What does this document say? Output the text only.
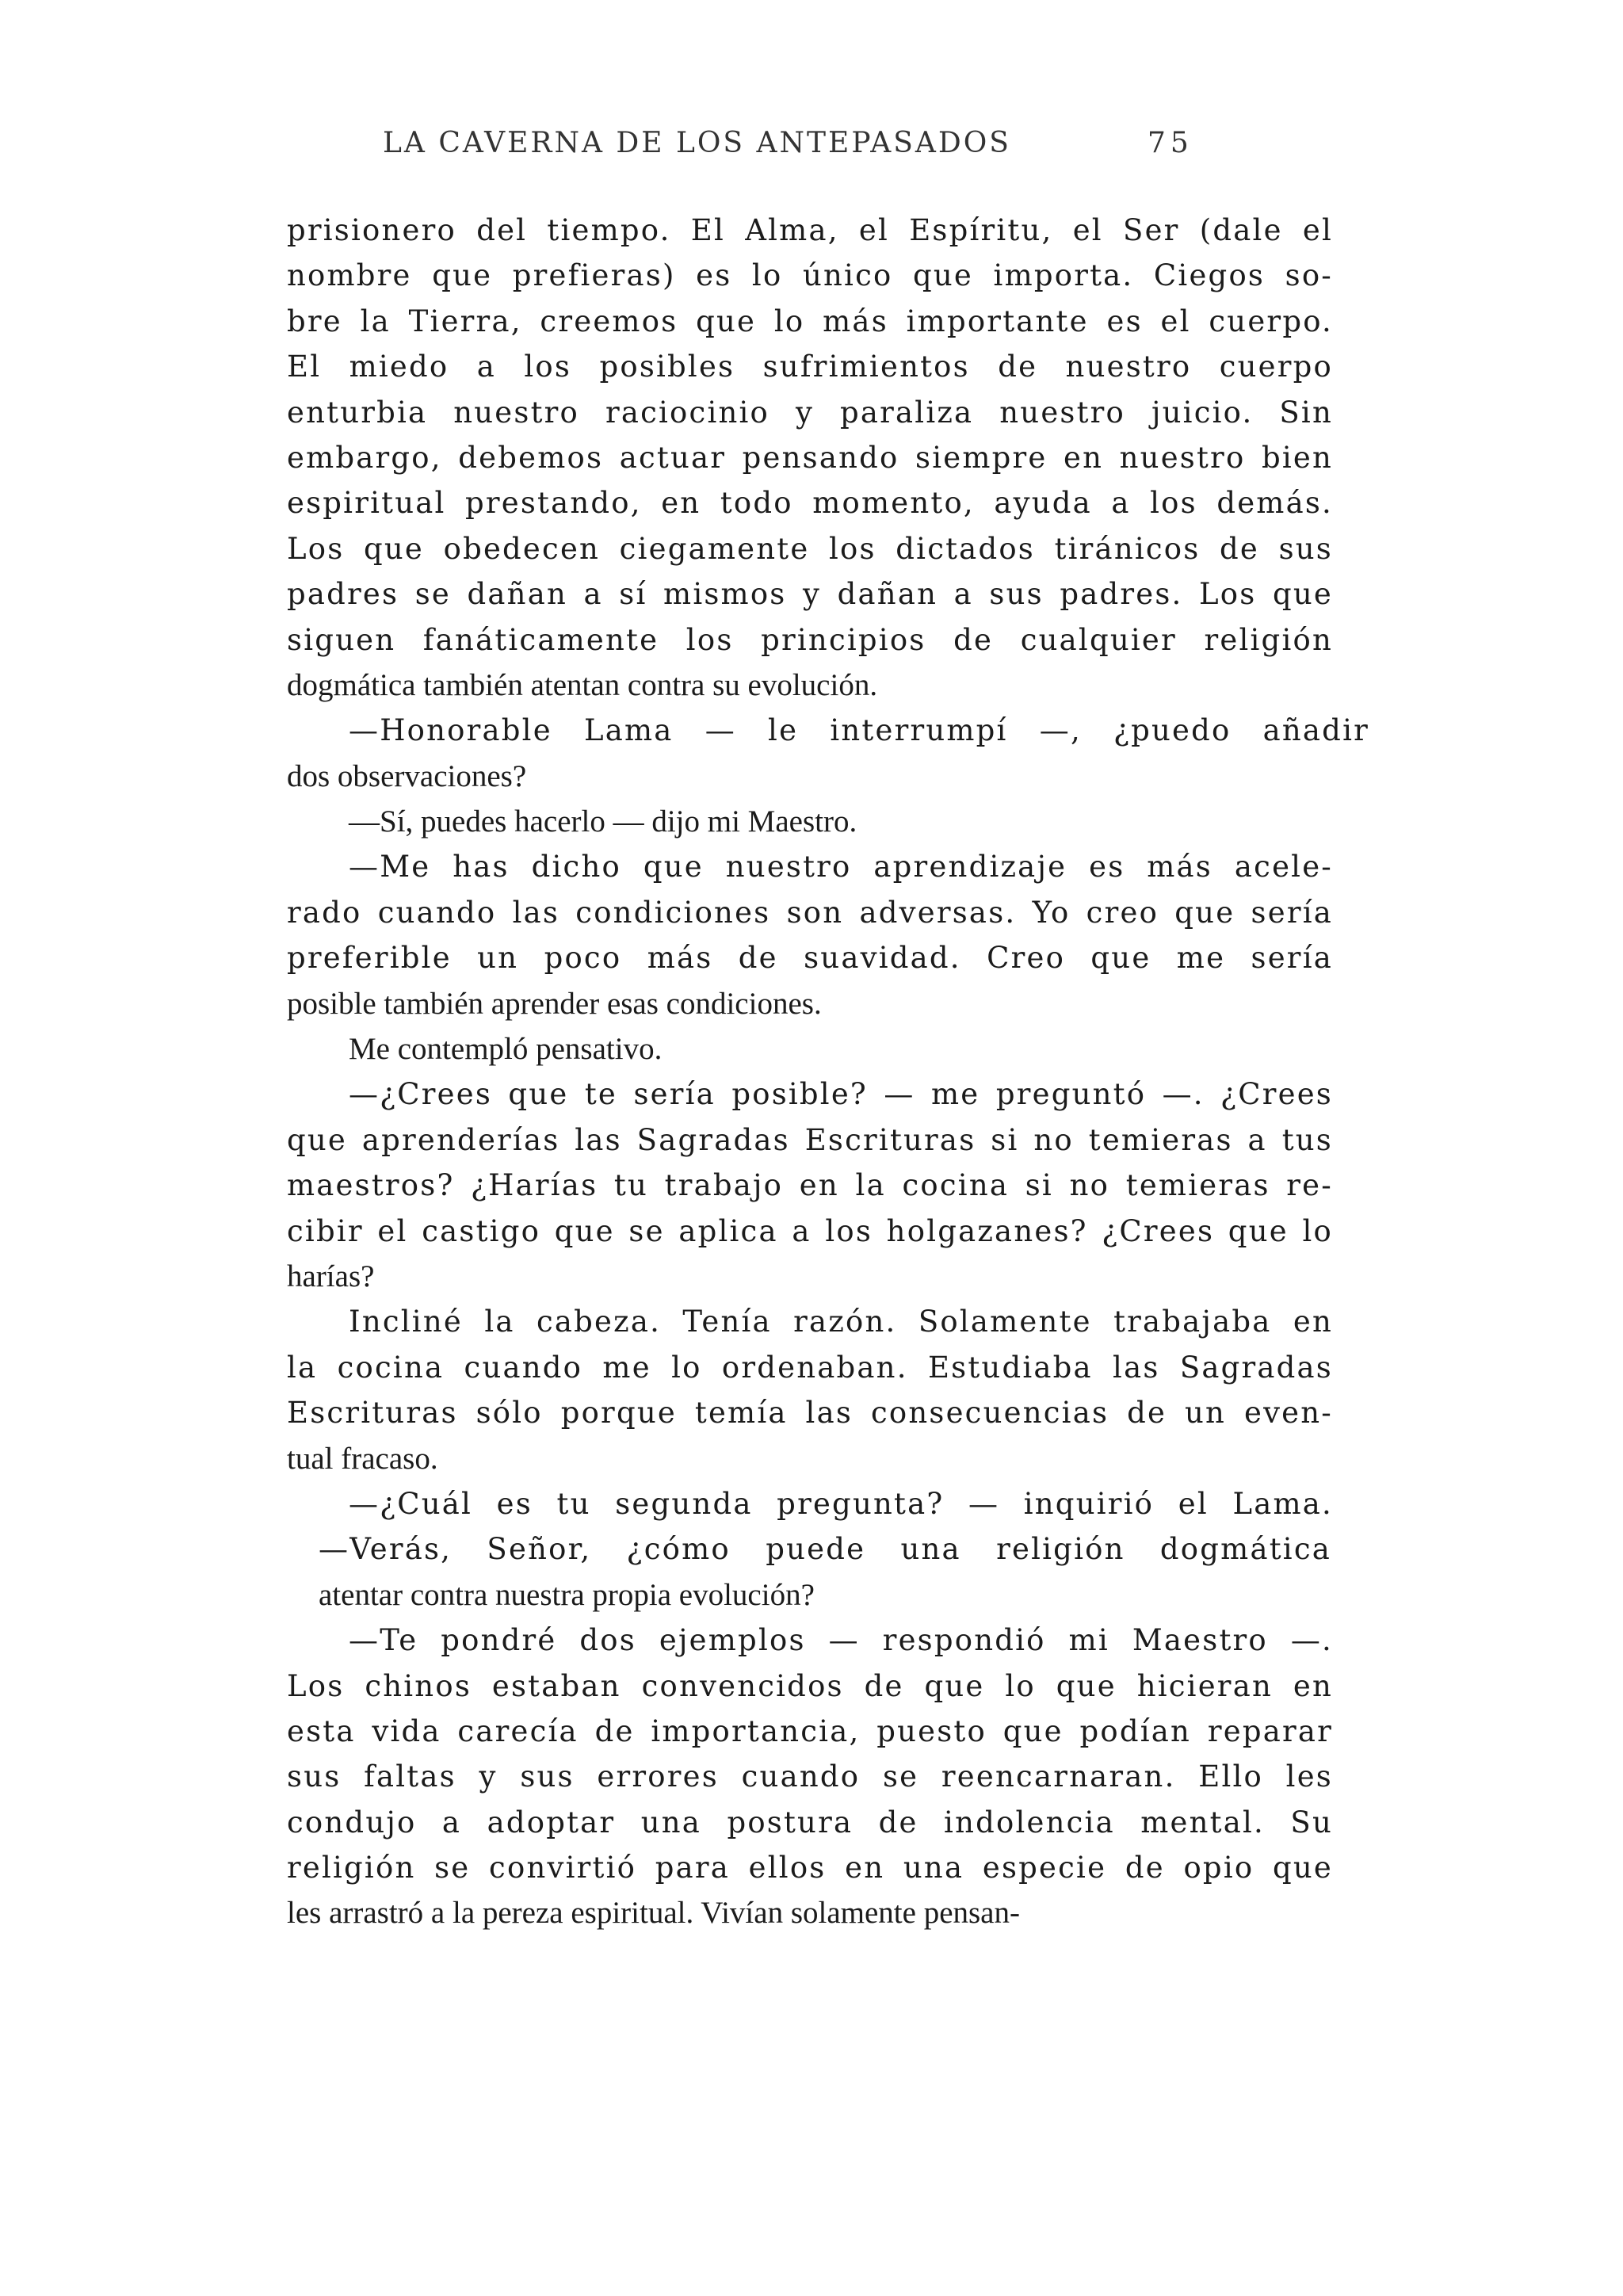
LA CAVERNA DE LOS ANTEPASADOS	75
prisionero del tiempo. El Alma, el Espíritu, el Ser (dale el
nombre que prefieras) es lo único que importa. Ciegos so-
bre la Tierra, creemos que lo más importante es el cuerpo.
El miedo a los posibles sufrimientos de nuestro cuerpo
enturbia nuestro raciocinio y paraliza nuestro juicio. Sin
embargo, debemos actuar pensando siempre en nuestro bien
espiritual prestando, en todo momento, ayuda a los demás.
Los que obedecen ciegamente los dictados tiránicos de sus
padres se dañan a sí mismos y dañan a sus padres. Los que
siguen fanáticamente los principios de cualquier religión
dogmática también atentan contra su evolución.
—Honorable Lama — le interrumpí —, ¿puedo añadir
dos observaciones?
—Sí, puedes hacerlo — dijo mi Maestro.
—Me has dicho que nuestro aprendizaje es más acele-
rado cuando las condiciones son adversas. Yo creo que sería
preferible un poco más de suavidad. Creo que me sería
posible también aprender esas condiciones.
Me contempló pensativo.
—¿Crees que te sería posible? — me preguntó —. ¿Crees
que aprenderías las Sagradas Escrituras si no temieras a tus
maestros? ¿Harías tu trabajo en la cocina si no temieras re-
cibir el castigo que se aplica a los holgazanes? ¿Crees que lo
harías?
Incliné la cabeza. Tenía razón. Solamente trabajaba en
la cocina cuando me lo ordenaban. Estudiaba las Sagradas
Escrituras sólo porque temía las consecuencias de un even-
tual fracaso.
—¿Cuál es tu segunda pregunta? — inquirió el Lama.
—Verás, Señor, ¿cómo puede una religión dogmática
atentar contra nuestra propia evolución?
—Te pondré dos ejemplos — respondió mi Maestro —.
Los chinos estaban convencidos de que lo que hicieran en
esta vida carecía de importancia, puesto que podían reparar
sus faltas y sus errores cuando se reencarnaran. Ello les
condujo a adoptar una postura de indolencia mental. Su
religión se convirtió para ellos en una especie de opio que
les arrastró a la pereza espiritual. Vivían solamente pensan-
